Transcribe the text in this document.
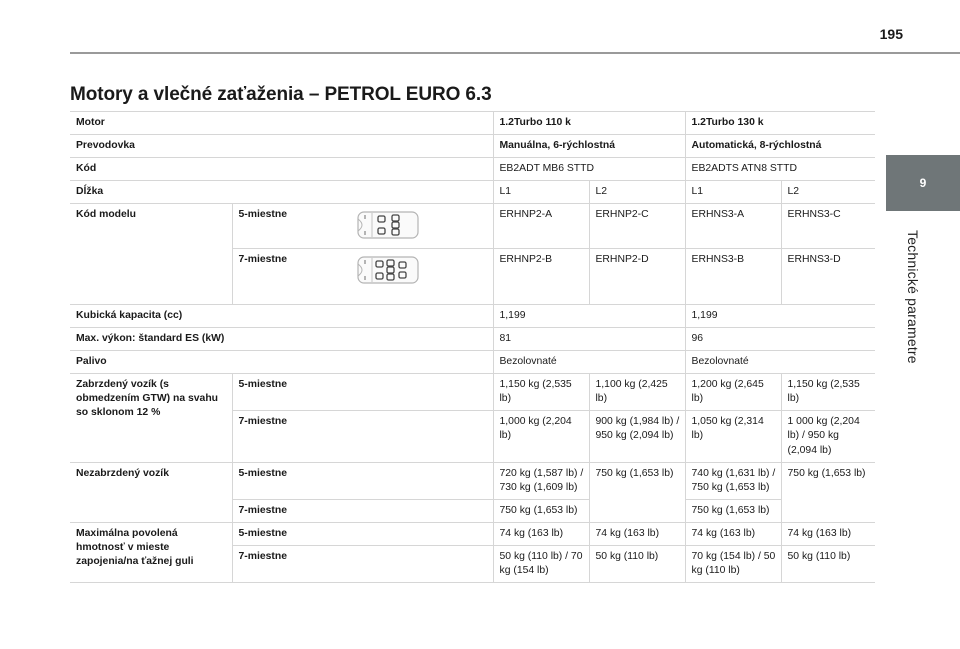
195
Motory a vlečné zaťaženia – PETROL EURO 6.3
9
Technické parametre
Motor			1.2Turbo 110 k		1.2Turbo 130 k	
Prevodovka			Manuálna, 6-rýchlostná		Automatická, 8-rýchlostná	
Kód			EB2ADT MB6 STTD		EB2ADTS ATN8 STTD	
Dĺžka			L1	L2	L1	L2
Kód modelu	5-miestne		ERHNP2-A	ERHNP2-C	ERHNS3-A	ERHNS3-C
	7-miestne		ERHNP2-B	ERHNP2-D	ERHNS3-B	ERHNS3-D
Kubická kapacita (cc)			1,199		1,199	
Max. výkon: štandard ES (kW)			81		96	
Palivo			Bezolovnaté		Bezolovnaté	
Zabrzdený vozík (s obmedzením GTW) na svahu so sklonom 12 %	5-miestne		1,150 kg (2,535 lb)	1,100 kg (2,425 lb)	1,200 kg (2,645 lb)	1,150 kg (2,535 lb)
	7-miestne		1,000 kg (2,204 lb)	900 kg (1,984 lb) / 950 kg (2,094 lb)	1,050 kg (2,314 lb)	1 000 kg (2,204 lb) / 950 kg (2,094 lb)
Nezabrzdený vozík	5-miestne		720 kg (1,587 lb) / 730 kg (1,609 lb)	750 kg (1,653 lb)	740 kg (1,631 lb) / 750 kg (1,653 lb)	750 kg (1,653 lb)
	7-miestne		750 kg (1,653 lb)		750 kg (1,653 lb)	
Maximálna povolená hmotnosť v mieste zapojenia/na ťažnej guli	5-miestne		74 kg (163 lb)	74 kg (163 lb)	74 kg (163 lb)	74 kg (163 lb)
	7-miestne		50 kg (110 lb) / 70 kg (154 lb)	50 kg (110 lb)	70 kg (154 lb) / 50 kg (110 lb)	50 kg (110 lb)
